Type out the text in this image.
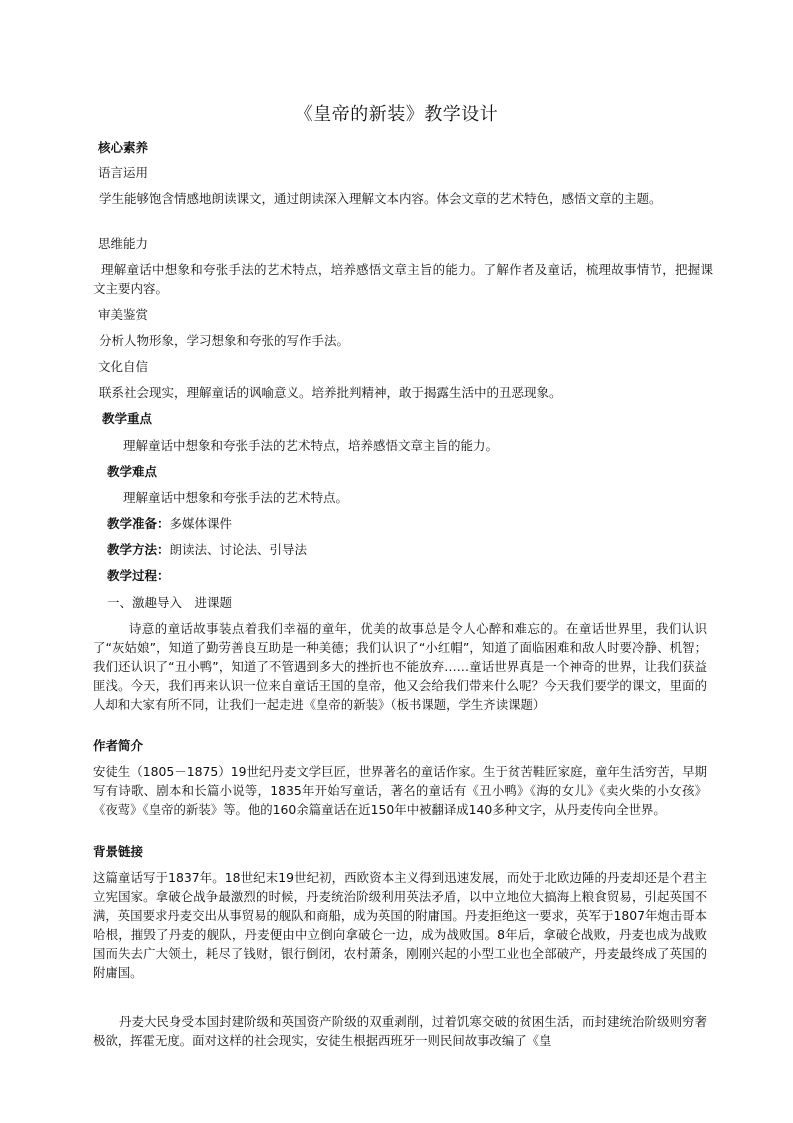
《皇帝的新装》教学设计
核心素养
语言运用
学生能够饱含情感地朗读课文，通过朗读深入理解文本内容。体会文章的艺术特色，感悟文章的主题。
思维能力
理解童话中想象和夸张手法的艺术特点，培养感悟文章主旨的能力。了解作者及童话，梳理故事情节，把握课文主要内容。
审美鉴赏
分析人物形象，学习想象和夸张的写作手法。
文化自信
联系社会现实，理解童话的讽喻意义。培养批判精神，敢于揭露生活中的丑恶现象。
教学重点
理解童话中想象和夸张手法的艺术特点，培养感悟文章主旨的能力。
教学难点
理解童话中想象和夸张手法的艺术特点。
教学准备：多媒体课件
教学方法：朗读法、讨论法、引导法
教学过程：
一、激趣导入　进课题
诗意的童话故事装点着我们幸福的童年，优美的故事总是令人心醉和难忘的。在童话世界里，我们认识了“灰姑娘”，知道了勤劳善良互助是一种美德；我们认识了“小红帽”，知道了面临困难和敌人时要冷静、机智；我们还认识了“丑小鸭”，知道了不管遇到多大的挫折也不能放弃……童话世界真是一个神奇的世界，让我们获益匪浅。今天，我们再来认识一位来自童话王国的皇帝，他又会给我们带来什么呢？今天我们要学的课文，里面的人却和大家有所不同，让我们一起走进《皇帝的新装》（板书课题，学生齐读课题）
作者简介
安徒生（1805－1875）19世纪丹麦文学巨匠，世界著名的童话作家。生于贫苦鞋匠家庭，童年生活穷苦，早期写有诗歌、剧本和长篇小说等，1835年开始写童话，著名的童话有《丑小鸭》《海的女儿》《卖火柴的小女孩》《夜莺》《皇帝的新装》等。他的160余篇童话在近150年中被翻译成140多种文字，从丹麦传向全世界。
背景链接
这篇童话写于1837年。18世纪末19世纪初，西欧资本主义得到迅速发展，而处于北欧边陲的丹麦却还是个君主立宪国家。拿破仑战争最激烈的时候，丹麦统治阶级利用英法矛盾，以中立地位大搞海上粮食贸易，引起英国不满，英国要求丹麦交出从事贸易的舰队和商船，成为英国的附庸国。丹麦拒绝这一要求，英军于1807年炮击哥本哈根，摧毁了丹麦的舰队，丹麦便由中立倒向拿破仑一边，成为战败国。8年后，拿破仑战败，丹麦也成为战败国而失去广大领土，耗尽了钱财，银行倒闭，农村萧条，刚刚兴起的小型工业也全部破产，丹麦最终成了英国的附庸国。
丹麦大民身受本国封建阶级和英国资产阶级的双重剥削，过着饥寒交破的贫困生活，而封建统治阶级则穷奢极欲，挥霍无度。面对这样的社会现实，安徒生根据西班牙一则民间故事改编了《皇
